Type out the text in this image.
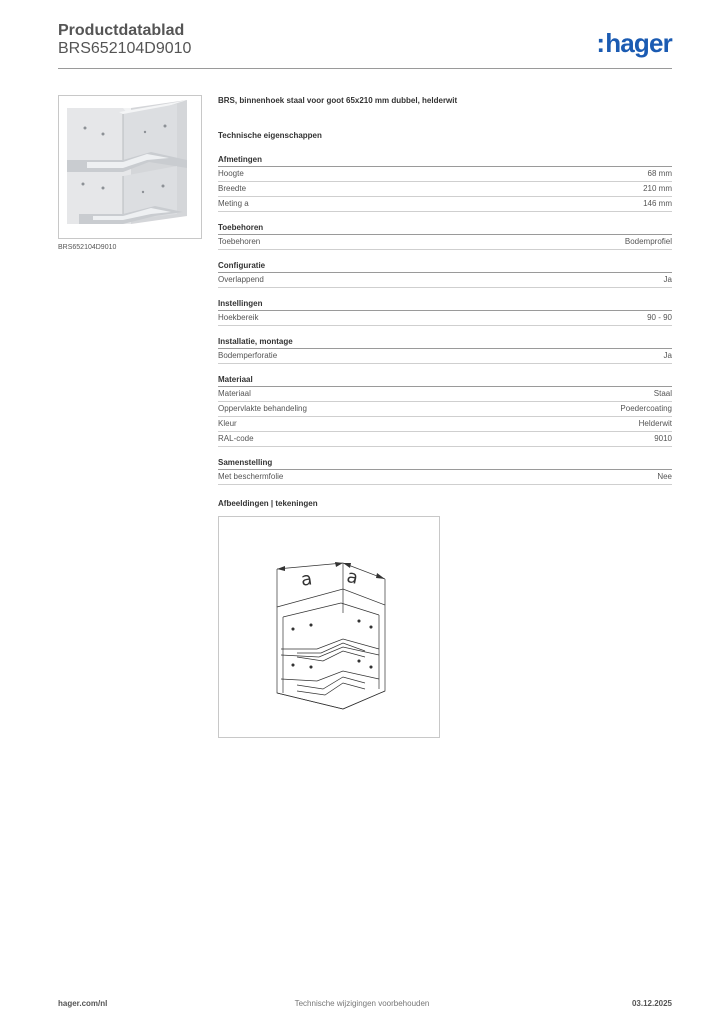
Productdatablad
BRS652104D9010	:hager
BRS652104D9010
BRS, binnenhoek staal voor goot 65x210 mm dubbel, helderwit
Technische eigenschappen
Afmetingen
Hoogte	68 mm
Breedte	210 mm
Meting a	146 mm
Toebehoren
Toebehoren	Bodemprofiel
Configuratie
Overlappend	Ja
Instellingen
Hoekbereik	90 - 90
Installatie, montage
Bodemperforatie	Ja
Materiaal
Materiaal	Staal
Oppervlakte behandeling	Poedercoating
Kleur	Helderwit
RAL-code	9010
Samenstelling
Met beschermfolie	Nee
Afbeeldingen | tekeningen
a a
hager.com/nl	Technische wijzigingen voorbehouden	03.12.2025
